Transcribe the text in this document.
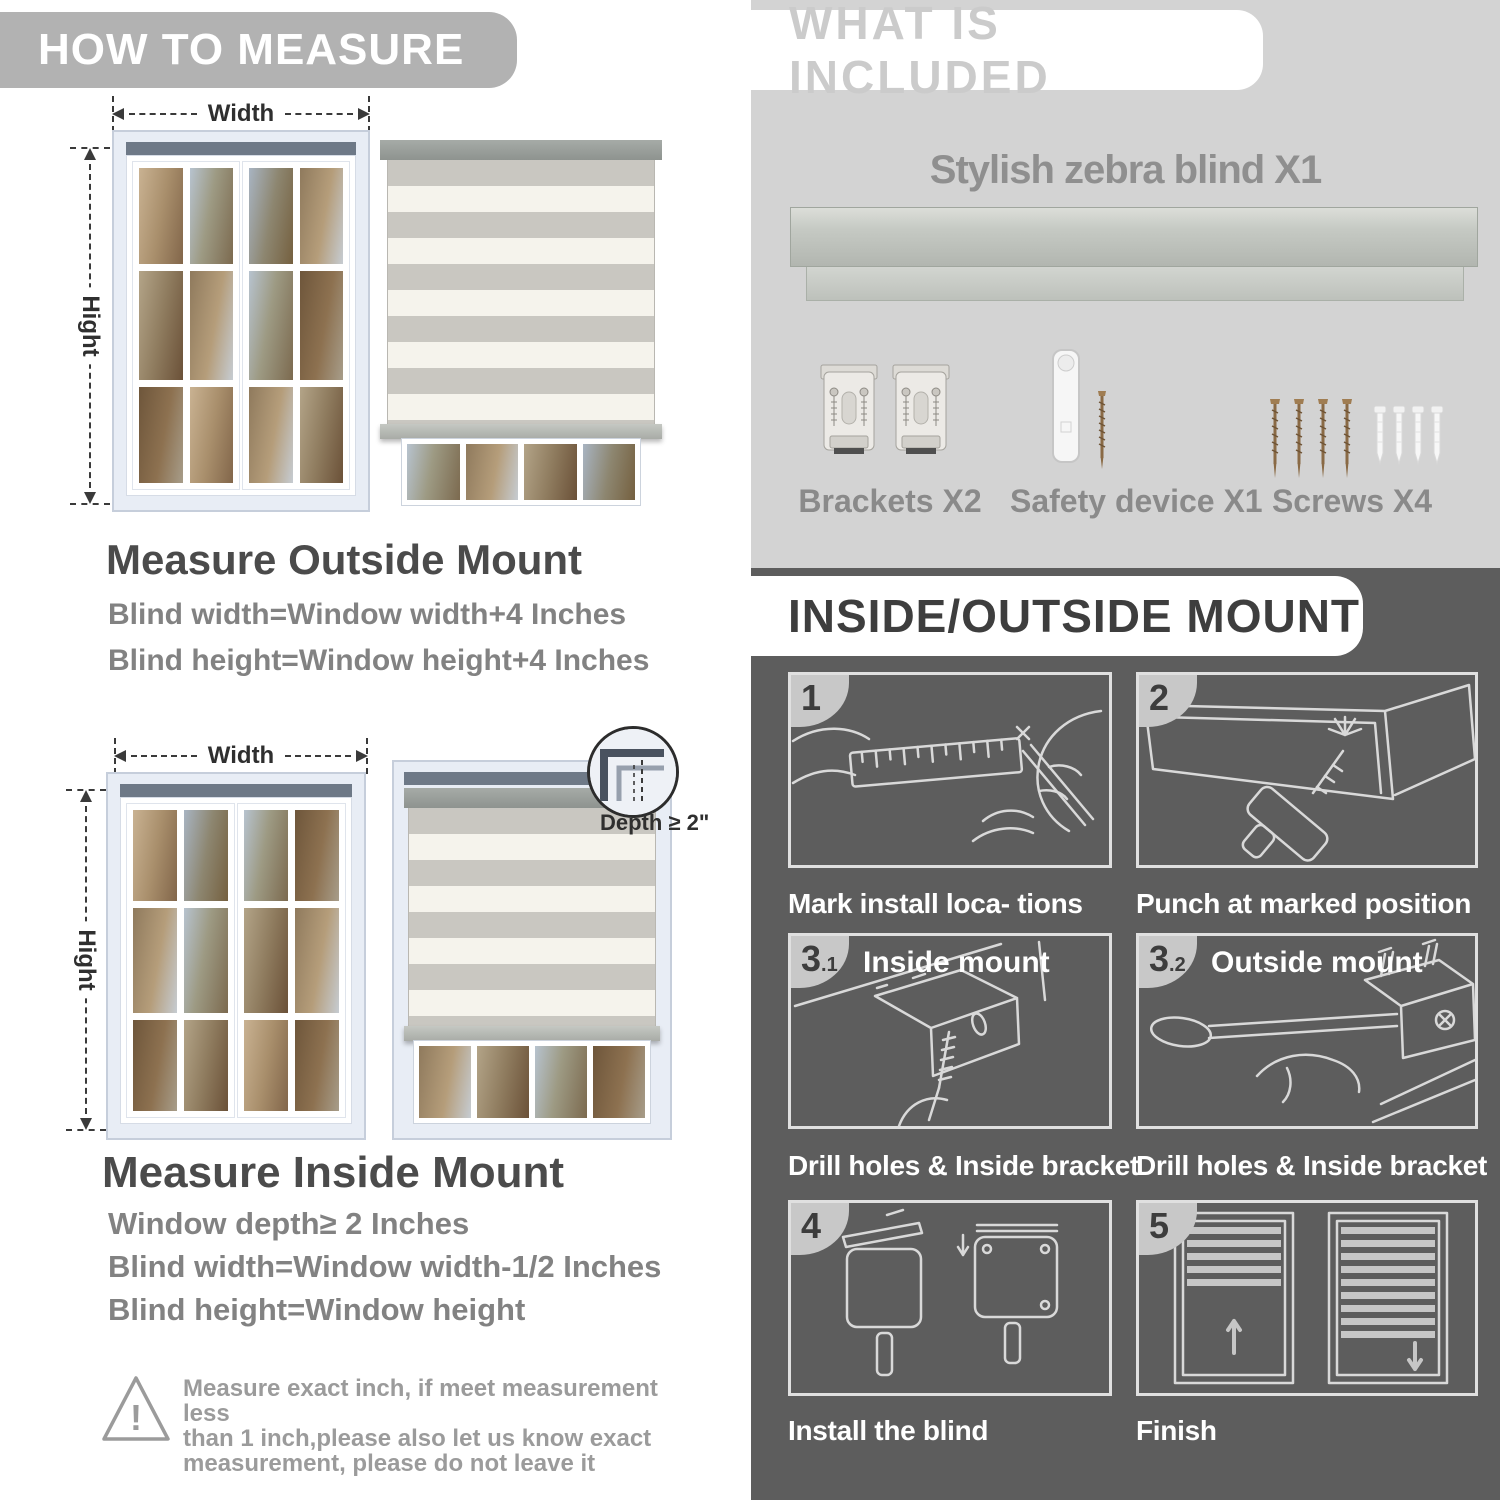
HOW TO MEASURE
Width
Hight
Measure Outside Mount
Blind width=Window width+4 Inches
Blind height=Window height+4 Inches
Width
Hight
Depth ≥ 2"
Measure Inside Mount
Window depth≥ 2 Inches
Blind width=Window width-1/2 Inches
Blind height=Window height
!
Measure exact inch, if meet measurement less
than 1 inch,please also let us know exact
measurement, please do not leave it
WHAT IS INCLUDED
Stylish zebra blind X1
Brackets X2 Safety device X1 Screws X4
INSIDE/OUTSIDE MOUNT
1
Mark install loca- tions
2
Punch at marked position
3.1 Inside mount
Drill holes & Inside bracket
3.2 Outside mount
Drill holes & Inside bracket
4
Install the blind
5
Finish
